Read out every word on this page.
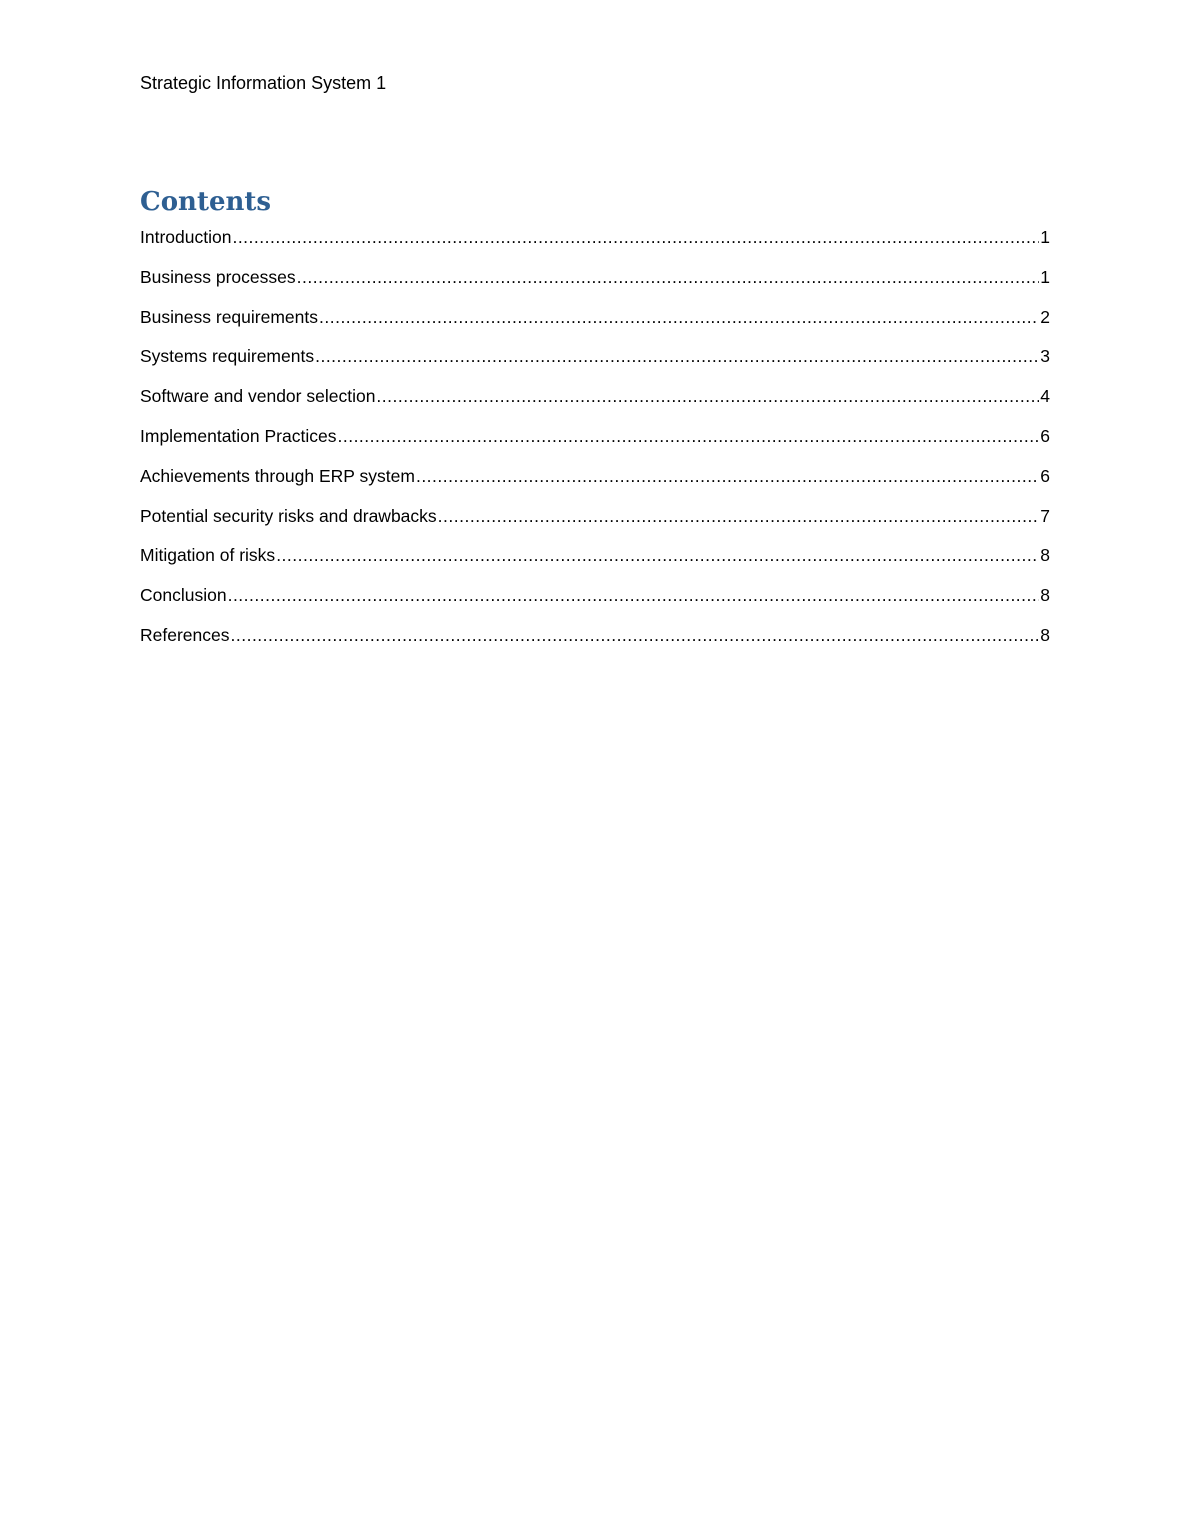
Strategic Information System 1
Contents
Introduction .....	1
Business processes .....	1
Business requirements .....	2
Systems requirements .....	3
Software and vendor selection .....	4
Implementation Practices .....	6
Achievements through ERP system .....	6
Potential security risks and drawbacks .....	7
Mitigation of risks .....	8
Conclusion .....	8
References .....	8
